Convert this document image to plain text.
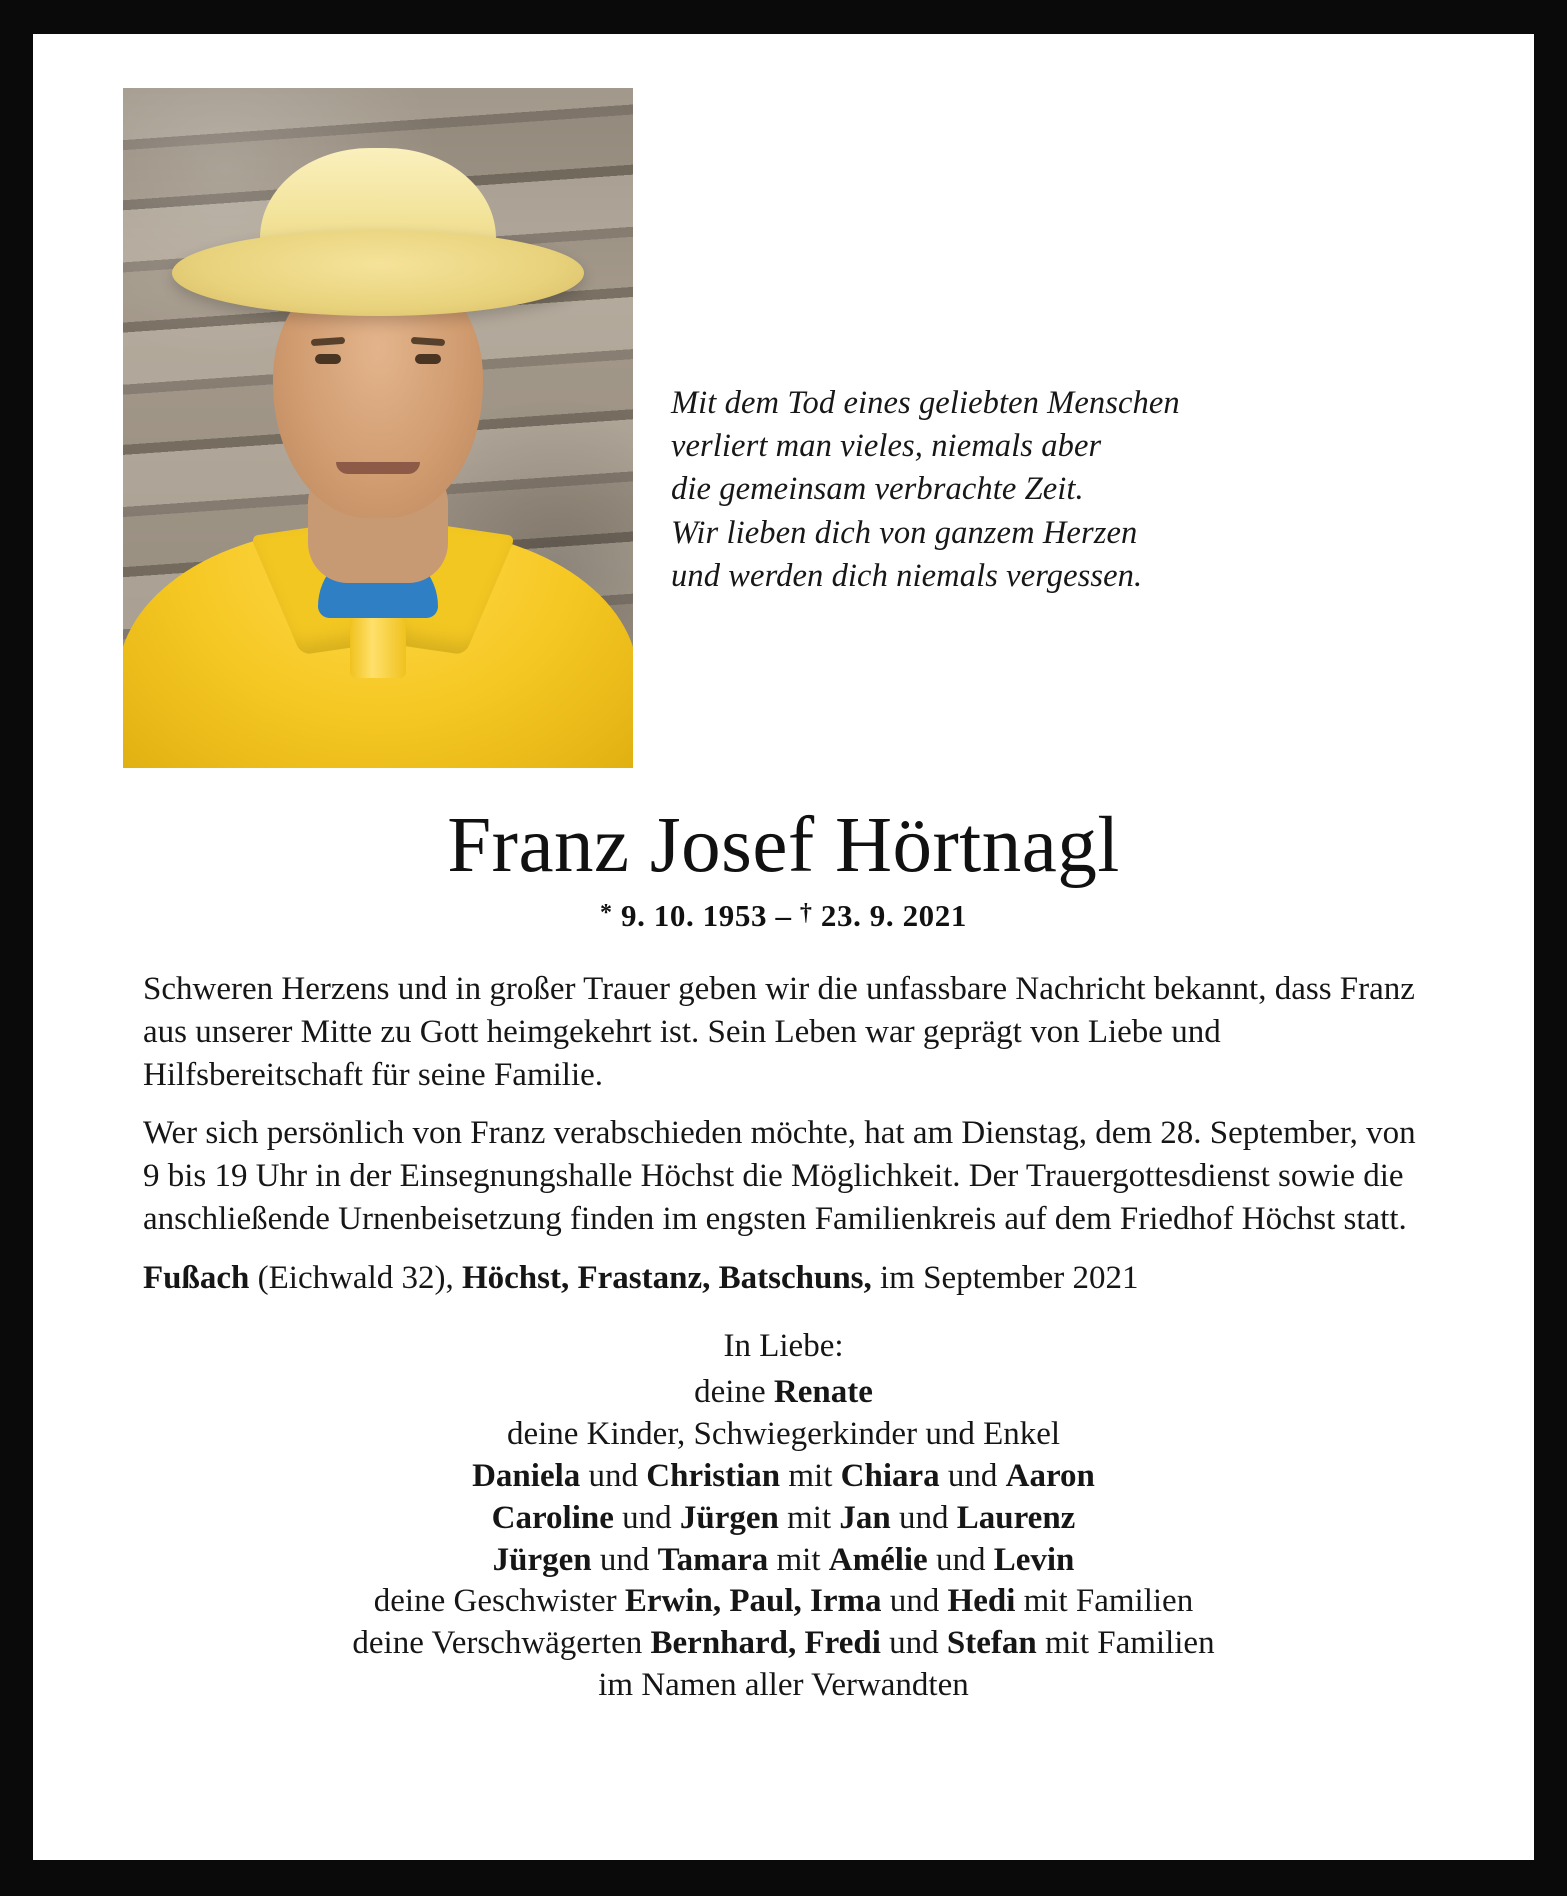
Mit dem Tod eines geliebten Menschen
verliert man vieles, niemals aber
die gemeinsam verbrachte Zeit.
Wir lieben dich von ganzem Herzen
und werden dich niemals vergessen.
Franz Josef Hörtnagl
* 9. 10. 1953 – † 23. 9. 2021

Schweren Herzens und in großer Trauer geben wir die unfassbare Nachricht bekannt, dass Franz aus unserer Mitte zu Gott heimgekehrt ist. Sein Leben war geprägt von Liebe und Hilfsbereitschaft für seine Familie.

Wer sich persönlich von Franz verabschieden möchte, hat am Dienstag, dem 28. September, von 9 bis 19 Uhr in der Einsegnungshalle Höchst die Möglichkeit. Der Trauergottesdienst sowie die anschließende Urnenbeisetzung finden im engsten Familienkreis auf dem Friedhof Höchst statt.

Fußach (Eichwald 32), Höchst, Frastanz, Batschuns, im September 2021

In Liebe:
deine Renate
deine Kinder, Schwiegerkinder und Enkel
Daniela und Christian mit Chiara und Aaron
Caroline und Jürgen mit Jan und Laurenz
Jürgen und Tamara mit Amélie und Levin
deine Geschwister Erwin, Paul, Irma und Hedi mit Familien
deine Verschwägerten Bernhard, Fredi und Stefan mit Familien
im Namen aller Verwandten
